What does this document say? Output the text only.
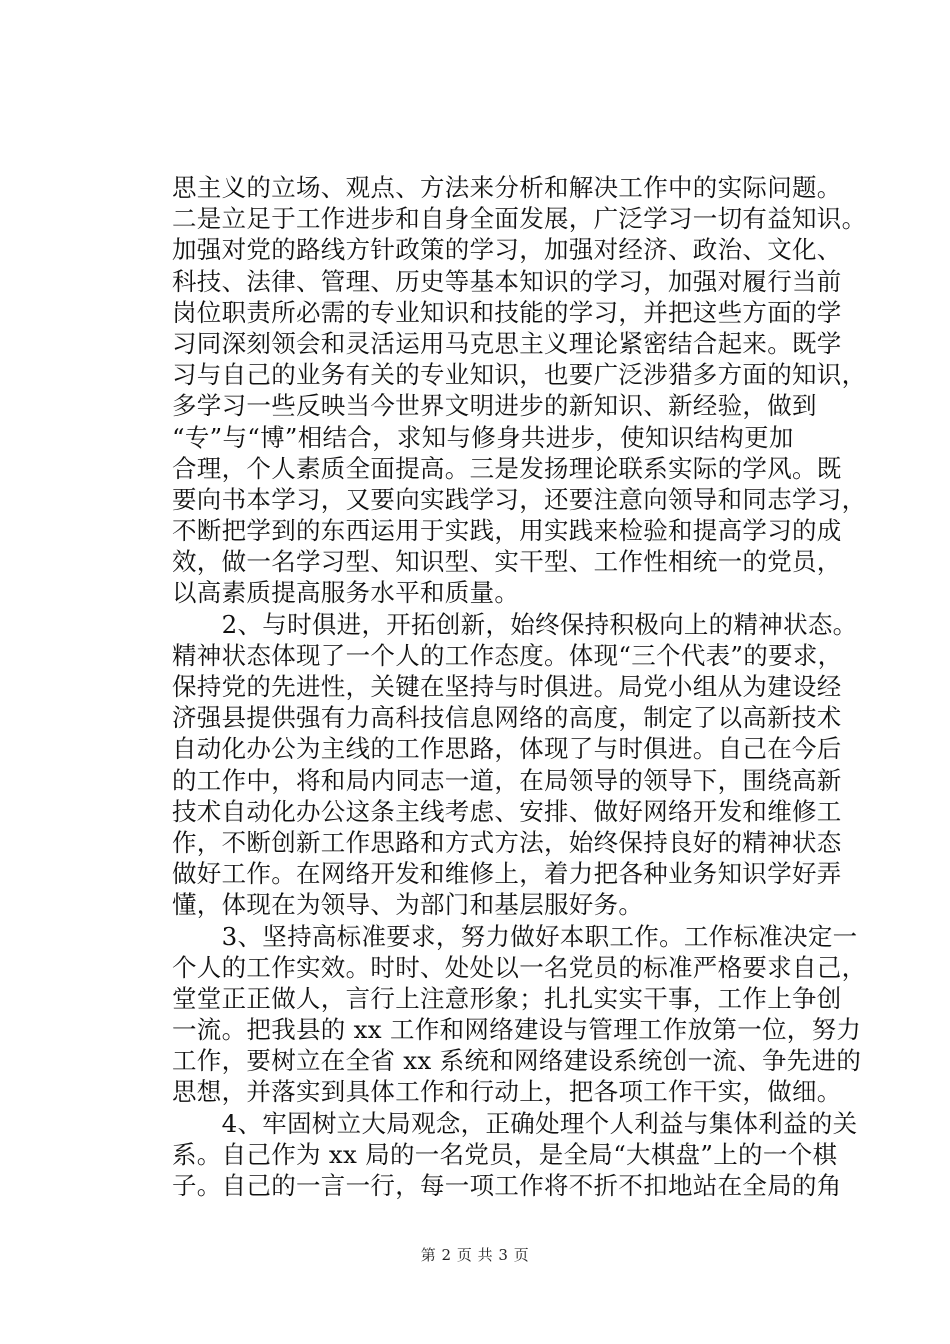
思主义的立场、观点、方法来分析和解决工作中的实际问题。
二是立足于工作进步和自身全面发展，广泛学习一切有益知识。
加强对党的路线方针政策的学习，加强对经济、政治、文化、
科技、法律、管理、历史等基本知识的学习，加强对履行当前
岗位职责所必需的专业知识和技能的学习，并把这些方面的学
习同深刻领会和灵活运用马克思主义理论紧密结合起来。既学
习与自己的业务有关的专业知识，也要广泛涉猎多方面的知识，
多学习一些反映当今世界文明进步的新知识、新经验，做到
“专”与“博”相结合，求知与修身共进步，使知识结构更加
合理，个人素质全面提高。三是发扬理论联系实际的学风。既
要向书本学习，又要向实践学习，还要注意向领导和同志学习，
不断把学到的东西运用于实践，用实践来检验和提高学习的成
效，做一名学习型、知识型、实干型、工作性相统一的党员，
以高素质提高服务水平和质量。
　　2、与时俱进，开拓创新，始终保持积极向上的精神状态。
精神状态体现了一个人的工作态度。体现“三个代表”的要求，
保持党的先进性，关键在坚持与时俱进。局党小组从为建设经
济强县提供强有力高科技信息网络的高度，制定了以高新技术
自动化办公为主线的工作思路，体现了与时俱进。自己在今后
的工作中，将和局内同志一道，在局领导的领导下，围绕高新
技术自动化办公这条主线考虑、安排、做好网络开发和维修工
作，不断创新工作思路和方式方法，始终保持良好的精神状态
做好工作。在网络开发和维修上，着力把各种业务知识学好弄
懂，体现在为领导、为部门和基层服好务。
　　3、坚持高标准要求，努力做好本职工作。工作标准决定一
个人的工作实效。时时、处处以一名党员的标准严格要求自己，
堂堂正正做人，言行上注意形象；扎扎实实干事，工作上争创
一流。把我县的 xx 工作和网络建设与管理工作放第一位，努力
工作，要树立在全省 xx 系统和网络建设系统创一流、争先进的
思想，并落实到具体工作和行动上，把各项工作干实，做细。
　　4、牢固树立大局观念，正确处理个人利益与集体利益的关
系。自己作为 xx 局的一名党员，是全局“大棋盘”上的一个棋
子。自己的一言一行，每一项工作将不折不扣地站在全局的角
第 2 页 共 3 页
